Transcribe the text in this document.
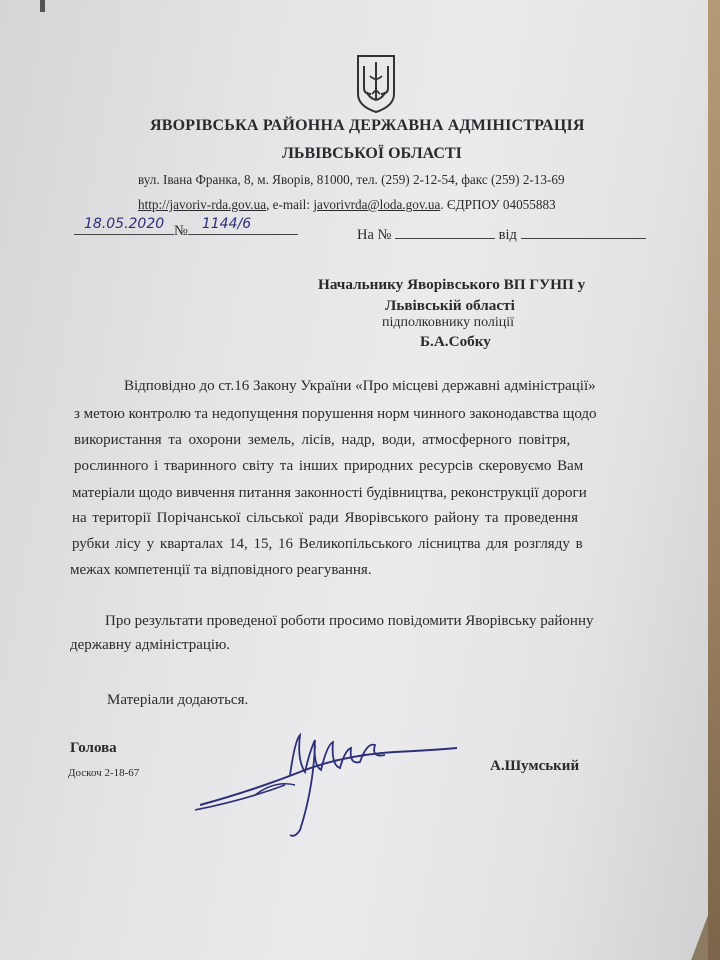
ЯВОРІВСЬКА РАЙОННА ДЕРЖАВНА АДМІНІСТРАЦІЯ
ЛЬВІВСЬКОЇ ОБЛАСТІ
вул. Івана Франка, 8, м. Яворів, 81000, тел. (259) 2-12-54, факс (259) 2-13-69
http://javoriv-rda.gov.ua, e-mail: javorivrda@loda.gov.ua. ЄДРПОУ 04055883
18.05.2020 № 1144/6
На №	від
Начальнику Яворівського ВП ГУНП у
Львівській області
підполковнику поліції
Б.А.Собку
Відповідно до ст.16 Закону України «Про місцеві державні адміністрації»
з метою контролю та недопущення порушення норм чинного законодавства щодо
використання та охорони земель, лісів, надр, води, атмосферного повітря,
рослинного і тваринного світу та інших природних ресурсів скеровуємо Вам
матеріали щодо вивчення питання законності будівництва, реконструкції дороги
на території Порічанської сільської ради Яворівського району та проведення
рубки лісу у кварталах 14, 15, 16 Великопільського лісництва для розгляду в
межах компетенції та відповідного реагування.
Про результати проведеної роботи просимо повідомити Яворівську районну
державну адміністрацію.
Матеріали додаються.
Голова
Доскоч 2-18-67	А.Шумський
